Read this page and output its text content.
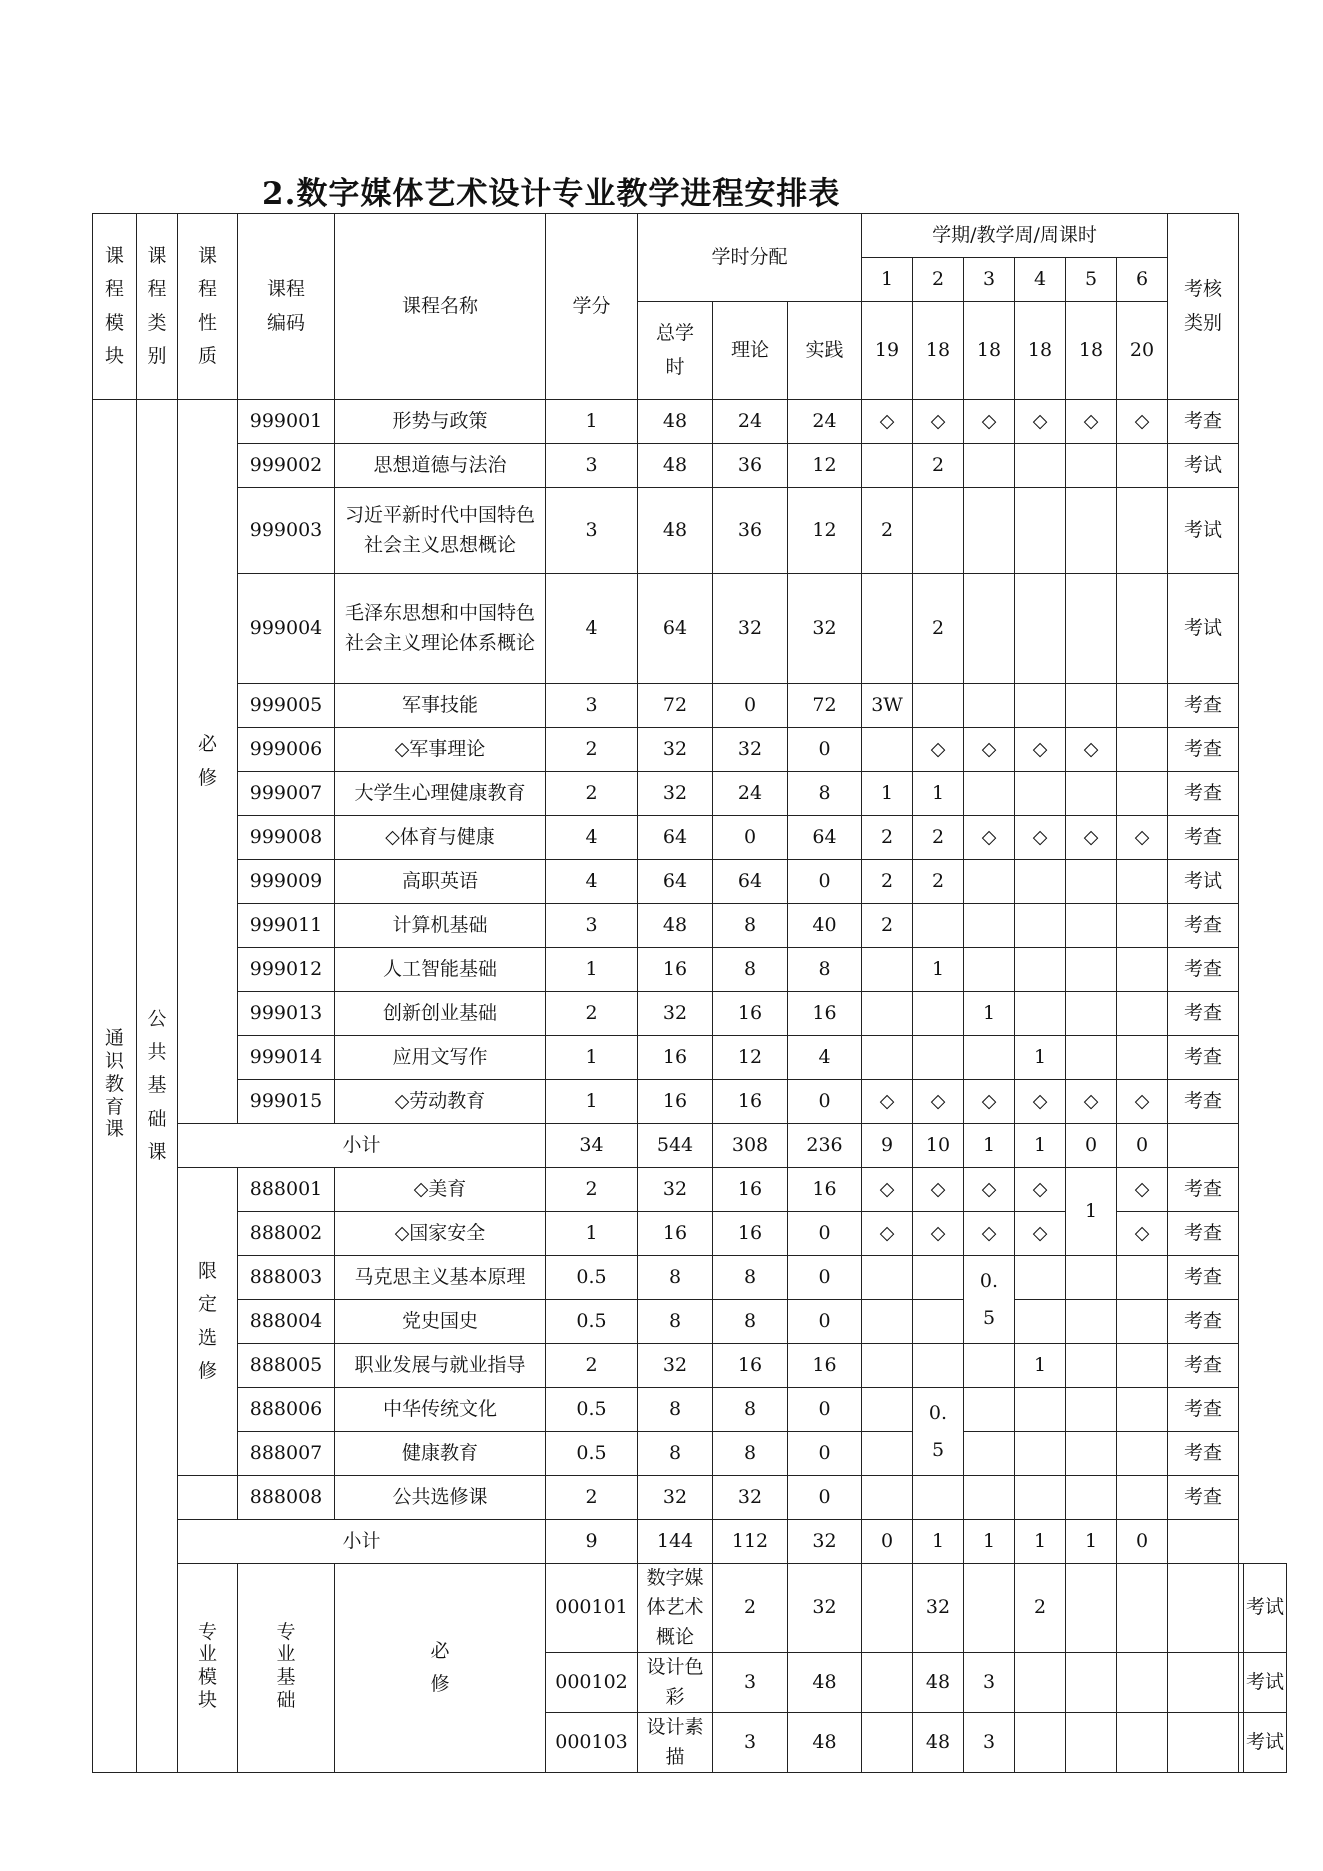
2.数字媒体艺术设计专业教学进程安排表
课程模块	课程类别	课程性质	课程编码	课程名称	学分	学时分配			学期/教学周/周课时						考核类别		
									1	2	3	4	5	6			
						总学时	理论	实践	19	18	18	18	18	20			
通识教育课	公共基础课	必修	999001	形势与政策	1	48	24	24	◇	◇	◇	◇	◇	◇	考查		
			999002	思想道德与法治	3	48	36	12		2					考试		
			999003	习近平新时代中国特色社会主义思想概论	3	48	36	12	2						考试		
			999004	毛泽东思想和中国特色社会主义理论体系概论	4	64	32	32		2					考试		
			999005	军事技能	3	72	0	72	3W						考查		
			999006	◇军事理论	2	32	32	0		◇	◇	◇	◇		考查		
			999007	大学生心理健康教育	2	32	24	8	1	1					考查		
			999008	◇体育与健康	4	64	0	64	2	2	◇	◇	◇	◇	考查		
			999009	高职英语	4	64	64	0	2	2					考试		
			999011	计算机基础	3	48	8	40	2						考查		
			999012	人工智能基础	1	16	8	8		1					考查		
			999013	创新创业基础	2	32	16	16			1				考查		
			999014	应用文写作	1	16	12	4				1			考查		
			999015	◇劳动教育	1	16	16	0	◇	◇	◇	◇	◇	◇	考查		
		小计			34	544	308	236	9	10	1	1	0	0			
		限定选修	888001	◇美育	2	32	16	16	◇	◇	◇	◇	1	◇	考查		
			888002	◇国家安全	1	16	16	0	◇	◇	◇	◇		◇	考查		
			888003	马克思主义基本原理	0.5	8	8	0			0.5				考查		
			888004	党史国史	0.5	8	8	0							考查		
			888005	职业发展与就业指导	2	32	16	16				1			考查		
			888006	中华传统文化	0.5	8	8	0		0.5					考查		
			888007	健康教育	0.5	8	8	0							考查		
			888008	公共选修课	2	32	32	0							考查		
		小计			9	144	112	32	0	1	1	1	1	0			
		专业模块	专业基础	必修	000101	数字媒体艺术概论	2	32		32		2					考试
					000102	设计色彩	3	48		48	3						考试
					000103	设计素描	3	48		48	3						考试
